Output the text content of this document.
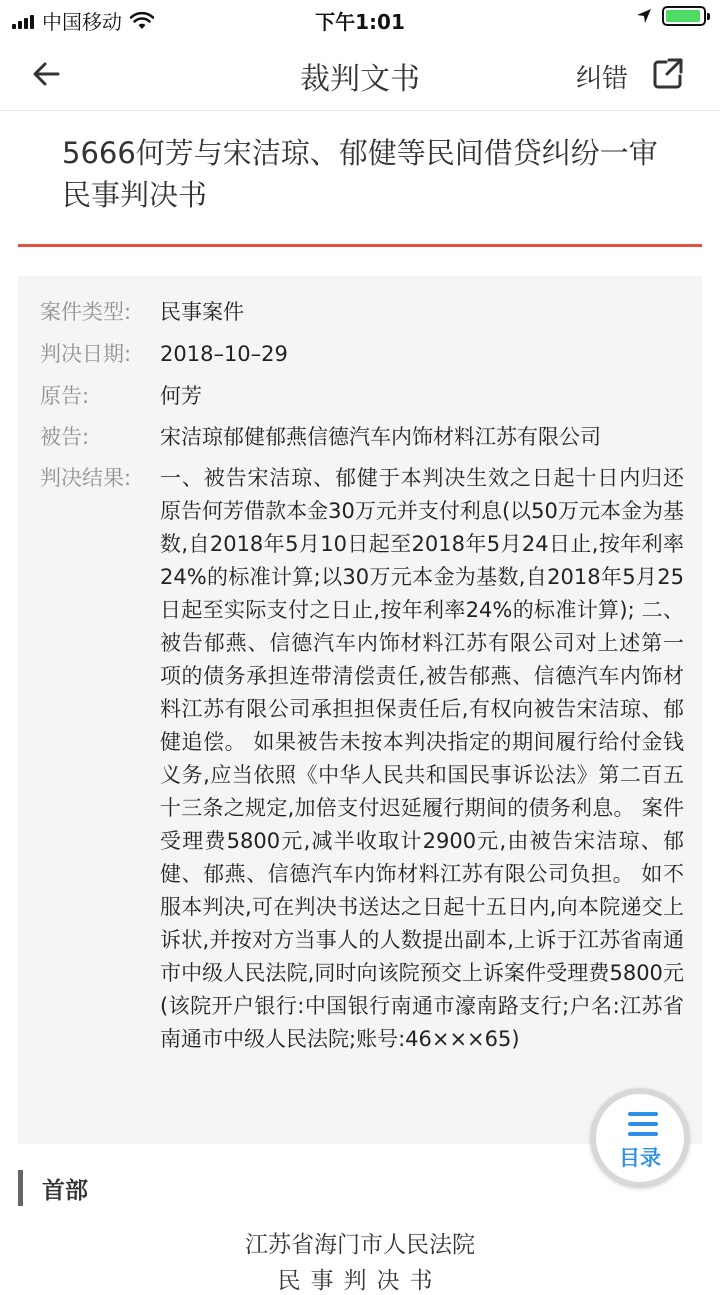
中国移动	下午1:01
裁判文书	纠错
5666何芳与宋洁琼、郁健等民间借贷纠纷一审民事判决书
案件类型:	民事案件
判决日期:	2018–10–29
原告:	何芳
被告:	宋洁琼郁健郁燕信德汽车内饰材料江苏有限公司
判决结果:	一、被告宋洁琼、郁健于本判决生效之日起十日内归还原告何芳借款本金30万元并支付利息(以50万元本金为基数,自2018年5月10日起至2018年5月24日止,按年利率24%的标准计算;以30万元本金为基数,自2018年5月25日起至实际支付之日止,按年利率24%的标准计算); 二、被告郁燕、信德汽车内饰材料江苏有限公司对上述第一项的债务承担连带清偿责任,被告郁燕、信德汽车内饰材料江苏有限公司承担担保责任后,有权向被告宋洁琼、郁健追偿。 如果被告未按本判决指定的期间履行给付金钱义务,应当依照《中华人民共和国民事诉讼法》第二百五十三条之规定,加倍支付迟延履行期间的债务利息。 案件受理费5800元,减半收取计2900元,由被告宋洁琼、郁健、郁燕、信德汽车内饰材料江苏有限公司负担。 如不服本判决,可在判决书送达之日起十五日内,向本院递交上诉状,并按对方当事人的人数提出副本,上诉于江苏省南通市中级人民法院,同时向该院预交上诉案件受理费5800元(该院开户银行:中国银行南通市濠南路支行;户名:江苏省南通市中级人民法院;账号:46×××65)
目录
首部
江苏省海门市人民法院
民事判决书
